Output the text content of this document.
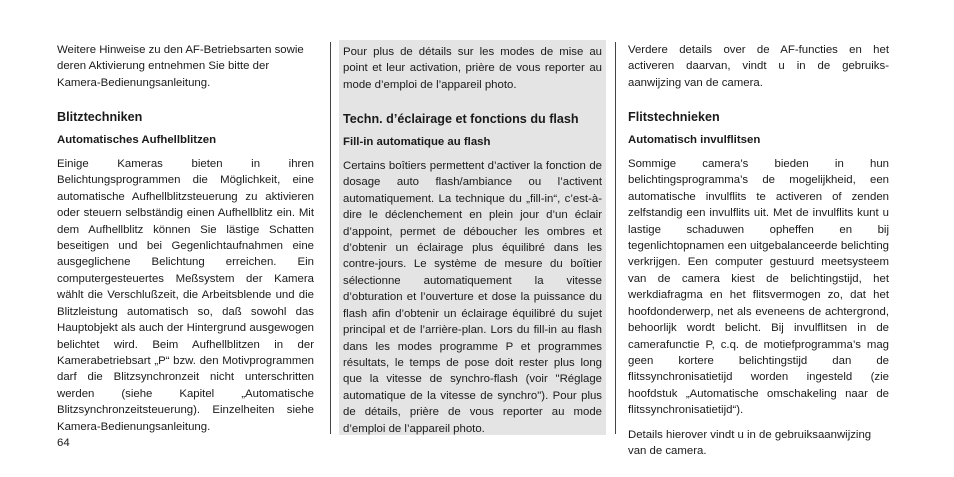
Weitere Hinweise zu den AF-Betriebsarten sowie deren Aktivierung entnehmen Sie bitte der Kamera-Bedienungsanleitung.

Blitztechniken
Automatisches Aufhellblitzen

Einige Kameras bieten in ihren Belichtungsprogrammen die Möglichkeit, eine automatische Aufhellblitzsteuerung zu aktivieren oder steuern selbständig einen Aufhellblitz ein. Mit dem Aufhellblitz können Sie lästige Schatten beseitigen und bei Gegenlichtaufnahmen eine ausgeglichene Belichtung erreichen. Ein computergesteuertes Meßsystem der Kamera wählt die Verschlußzeit, die Arbeitsblende und die Blitzleistung automatisch so, daß sowohl das Hauptobjekt als auch der Hintergrund ausgewogen belichtet wird. Beim Aufhellblitzen in der Kamerabetriebsart „P“ bzw. den Motivprogrammen darf die Blitzsynchronzeit nicht unterschritten werden (siehe Kapitel „Automatische Blitzsynchronzeitsteuerung). Einzelheiten siehe Kamera-Bedienungsanleitung.

Pour plus de détails sur les modes de mise au point et leur activation, prière de vous reporter au mode d’emploi de l’appareil photo.

Techn. d’éclairage et fonctions du flash
Fill-in automatique au flash

Certains boîtiers permettent d’activer la fonction de dosage auto flash/ambiance ou l’activent automatiquement. La technique du „fill-in“, c’est-à-dire le déclenchement en plein jour d’un éclair d’appoint, permet de déboucher les ombres et d’obtenir un éclairage plus équilibré dans les contre-jours. Le système de mesure du boîtier sélectionne automatiquement la vitesse d’obturation et l’ouverture et dose la puissance du flash afin d’obtenir un éclairage équilibré du sujet principal et de l’arrière-plan. Lors du fill-in au flash dans les modes programme P et programmes résultats, le temps de pose doit rester plus long que la vitesse de synchro-flash (voir "Réglage automatique de la vitesse de synchro"). Pour plus de détails, prière de vous reporter au mode d’emploi de l’appareil photo.

Verdere details over de AF-functies en het activeren daarvan, vindt u in de gebruiks-aanwijzing van de camera.

Flitstechnieken
Automatisch invulflitsen

Sommige camera’s bieden in hun belichtingsprogramma’s de mogelijkheid, een automatische invulflits te activeren of zenden zelfstandig een invulflits uit. Met de invulflits kunt u lastige schaduwen opheffen en bij tegenlichtopnamen een uitgebalanceerde belichting verkrijgen. Een computer gestuurd meetsysteem van de camera kiest de belichtingstijd, het werkdiafragma en het flitsvermogen zo, dat het hoofdonderwerp, net als eveneens de achtergrond, behoorlijk wordt belicht. Bij invulflitsen in de camerafunctie P, c.q. de motiefprogramma’s mag geen kortere belichtingstijd dan de flitssynchronisatietijd worden ingesteld (zie hoofdstuk „Automatische omschakeling naar de flitssynchronisatietijd“).

Details hierover vindt u in de gebruiksaanwijzing van de camera.

64
